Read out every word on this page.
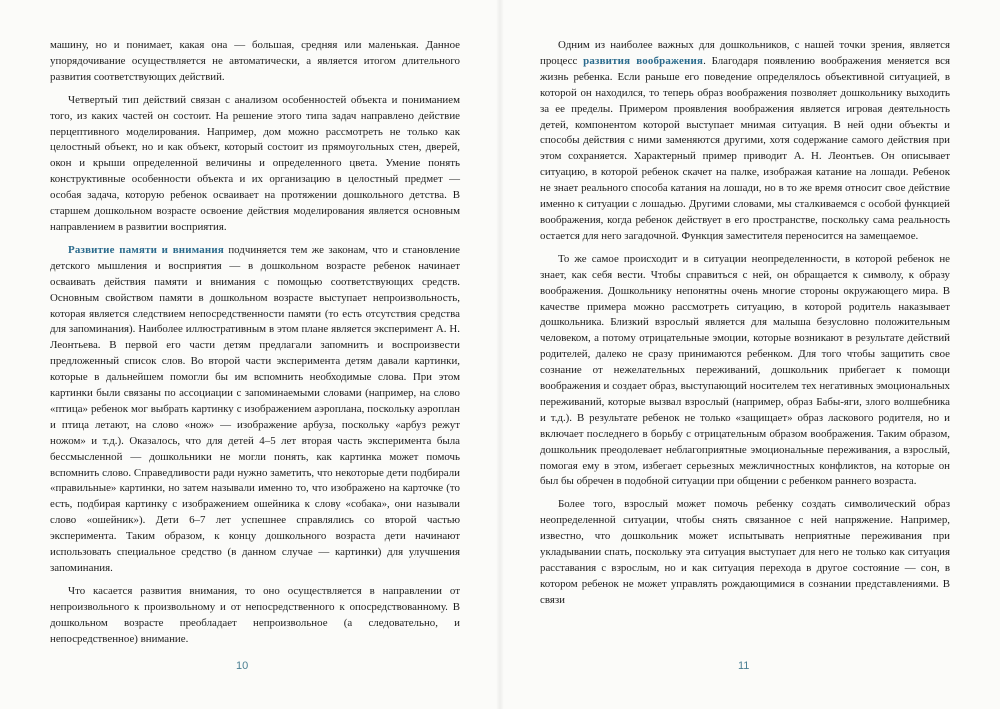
машину, но и понимает, какая она — большая, средняя или маленькая. Данное упорядочивание осуществляется не автоматически, а является итогом длительного развития соответствующих действий.

Четвертый тип действий связан с анализом особенностей объекта и пониманием того, из каких частей он состоит. На решение этого типа задач направлено действие перцептивного моделирования. Например, дом можно рассмотреть не только как целостный объект, но и как объект, который состоит из прямоугольных стен, дверей, окон и крыши определенной величины и определенного цвета. Умение понять конструктивные особенности объекта и их организацию в целостный предмет — особая задача, которую ребенок осваивает на протяжении дошкольного детства. В старшем дошкольном возрасте освоение действия моделирования является основным направлением в развитии восприятия.

Развитие памяти и внимания подчиняется тем же законам, что и становление детского мышления и восприятия — в дошкольном возрасте ребенок начинает осваивать действия памяти и внимания с помощью соответствующих средств. Основным свойством памяти в дошкольном возрасте выступает непроизвольность, которая является следствием непосредственности памяти (то есть отсутствия средства для запоминания). Наиболее иллюстративным в этом плане является эксперимент А. Н. Леонтьева. В первой его части детям предлагали запомнить и воспроизвести предложенный список слов. Во второй части эксперимента детям давали картинки, которые в дальнейшем помогли бы им вспомнить необходимые слова. При этом картинки были связаны по ассоциации с запоминаемыми словами (например, на слово «птица» ребенок мог выбрать картинку с изображением аэроплана, поскольку аэроплан и птица летают, на слово «нож» — изображение арбуза, поскольку «арбуз режут ножом» и т.д.). Оказалось, что для детей 4–5 лет вторая часть эксперимента была бессмысленной — дошкольники не могли понять, как картинка может помочь вспомнить слово. Справедливости ради нужно заметить, что некоторые дети подбирали «правильные» картинки, но затем называли именно то, что изображено на карточке (то есть, подбирая картинку с изображением ошейника к слову «собака», они называли слово «ошейник»). Дети 6–7 лет успешнее справлялись со второй частью эксперимента. Таким образом, к концу дошкольного возраста дети начинают использовать специальное средство (в данном случае — картинки) для улучшения запоминания.

Что касается развития внимания, то оно осуществляется в направлении от непроизвольного к произвольному и от непосредственного к опосредствованному. В дошкольном возрасте преобладает непроизвольное (а следовательно, и непосредственное) внимание.

10

Одним из наиболее важных для дошкольников, с нашей точки зрения, является процесс развития воображения. Благодаря появлению воображения меняется вся жизнь ребенка. Если раньше его поведение определялось объективной ситуацией, в которой он находился, то теперь образ воображения позволяет дошкольнику выходить за ее пределы. Примером проявления воображения является игровая деятельность детей, компонентом которой выступает мнимая ситуация. В ней одни объекты и способы действия с ними заменяются другими, хотя содержание самого действия при этом сохраняется. Характерный пример приводит А. Н. Леонтьев. Он описывает ситуацию, в которой ребенок скачет на палке, изображая катание на лошади. Ребенок не знает реального способа катания на лошади, но в то же время относит свое действие именно к ситуации с лошадью. Другими словами, мы сталкиваемся с особой функцией воображения, когда ребенок действует в его пространстве, поскольку сама реальность остается для него загадочной. Функция заместителя переносится на замещаемое.

То же самое происходит и в ситуации неопределенности, в которой ребенок не знает, как себя вести. Чтобы справиться с ней, он обращается к символу, к образу воображения. Дошкольнику непонятны очень многие стороны окружающего мира. В качестве примера можно рассмотреть ситуацию, в которой родитель наказывает дошкольника. Близкий взрослый является для малыша безусловно положительным человеком, а потому отрицательные эмоции, которые возникают в результате действий родителей, далеко не сразу принимаются ребенком. Для того чтобы защитить свое сознание от нежелательных переживаний, дошкольник прибегает к помощи воображения и создает образ, выступающий носителем тех негативных эмоциональных переживаний, которые вызвал взрослый (например, образ Бабы-яги, злого волшебника и т.д.). В результате ребенок не только «защищает» образ ласкового родителя, но и включает последнего в борьбу с отрицательным образом воображения. Таким образом, дошкольник преодолевает неблагоприятные эмоциональные переживания, а взрослый, помогая ему в этом, избегает серьезных межличностных конфликтов, на которые он был бы обречен в подобной ситуации при общении с ребенком раннего возраста.

Более того, взрослый может помочь ребенку создать символический образ неопределенной ситуации, чтобы снять связанное с ней напряжение. Например, известно, что дошкольник может испытывать неприятные переживания при укладывании спать, поскольку эта ситуация выступает для него не только как ситуация расставания с взрослым, но и как ситуация перехода в другое состояние — сон, в котором ребенок не может управлять рождающимися в сознании представлениями. В связи

11
